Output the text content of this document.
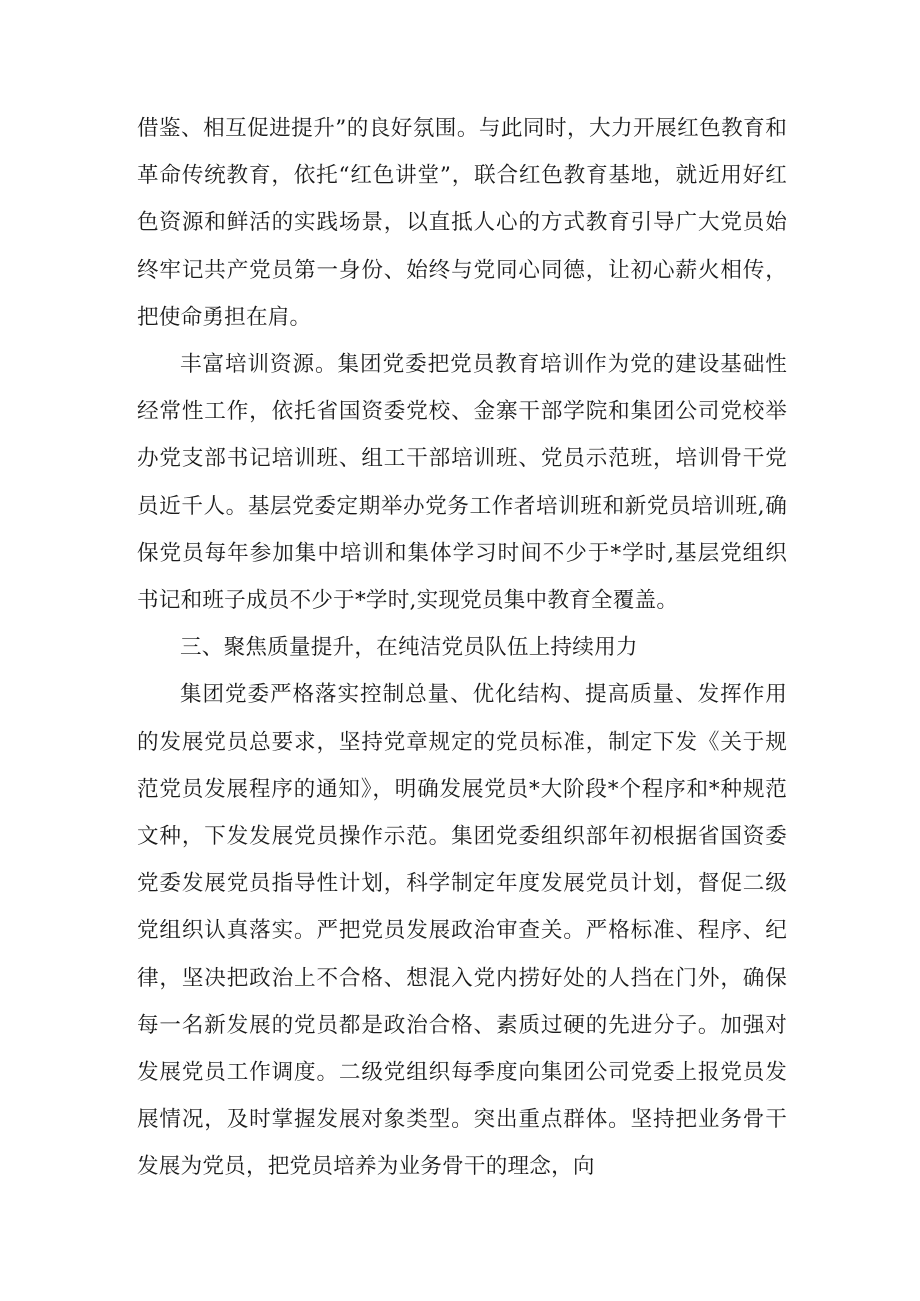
借鉴、相互促进提升”的良好氛围。与此同时，大力开展红色教育和革命传统教育，依托“红色讲堂”，联合红色教育基地，就近用好红色资源和鲜活的实践场景，以直抵人心的方式教育引导广大党员始终牢记共产党员第一身份、始终与党同心同德，让初心薪火相传，把使命勇担在肩。

丰富培训资源。集团党委把党员教育培训作为党的建设基础性经常性工作，依托省国资委党校、金寨干部学院和集团公司党校举办党支部书记培训班、组工干部培训班、党员示范班，培训骨干党员近千人。基层党委定期举办党务工作者培训班和新党员培训班,确保党员每年参加集中培训和集体学习时间不少于*学时,基层党组织书记和班子成员不少于*学时,实现党员集中教育全覆盖。

三、聚焦质量提升，在纯洁党员队伍上持续用力

集团党委严格落实控制总量、优化结构、提高质量、发挥作用的发展党员总要求，坚持党章规定的党员标准，制定下发《关于规范党员发展程序的通知》，明确发展党员*大阶段*个程序和*种规范文种，下发发展党员操作示范。集团党委组织部年初根据省国资委党委发展党员指导性计划，科学制定年度发展党员计划，督促二级党组织认真落实。严把党员发展政治审查关。严格标准、程序、纪律，坚决把政治上不合格、想混入党内捞好处的人挡在门外，确保每一名新发展的党员都是政治合格、素质过硬的先进分子。加强对发展党员工作调度。二级党组织每季度向集团公司党委上报党员发展情况，及时掌握发展对象类型。突出重点群体。坚持把业务骨干发展为党员，把党员培养为业务骨干的理念，向
